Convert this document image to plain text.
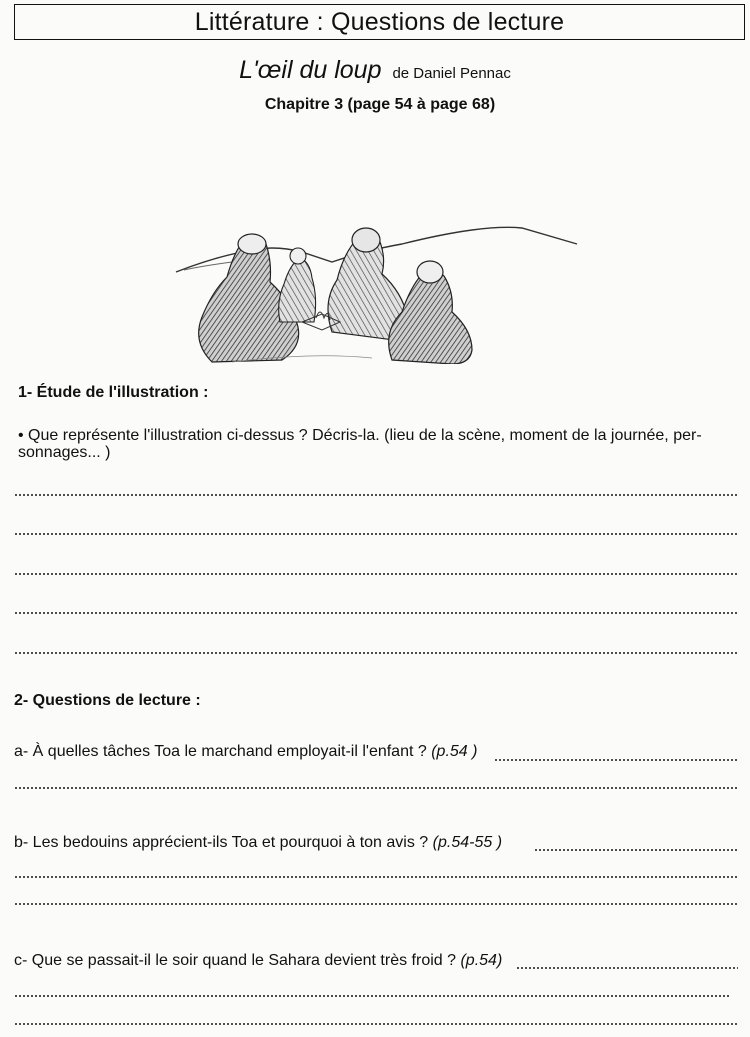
Littérature : Questions de lecture
L'œil du loup de Daniel Pennac
Chapitre 3 (page 54 à page 68)
1- Étude de l'illustration :
• Que représente l'illustration ci-dessus ? Décris-la. (lieu de la scène, moment de la journée, per-
sonnages... )
2- Questions de lecture :
a- À quelles tâches Toa le marchand employait-il l'enfant ? (p.54 )
b- Les bedouins apprécient-ils Toa et pourquoi à ton avis ? (p.54-55 )
c- Que se passait-il le soir quand le Sahara devient très froid ? (p.54)
